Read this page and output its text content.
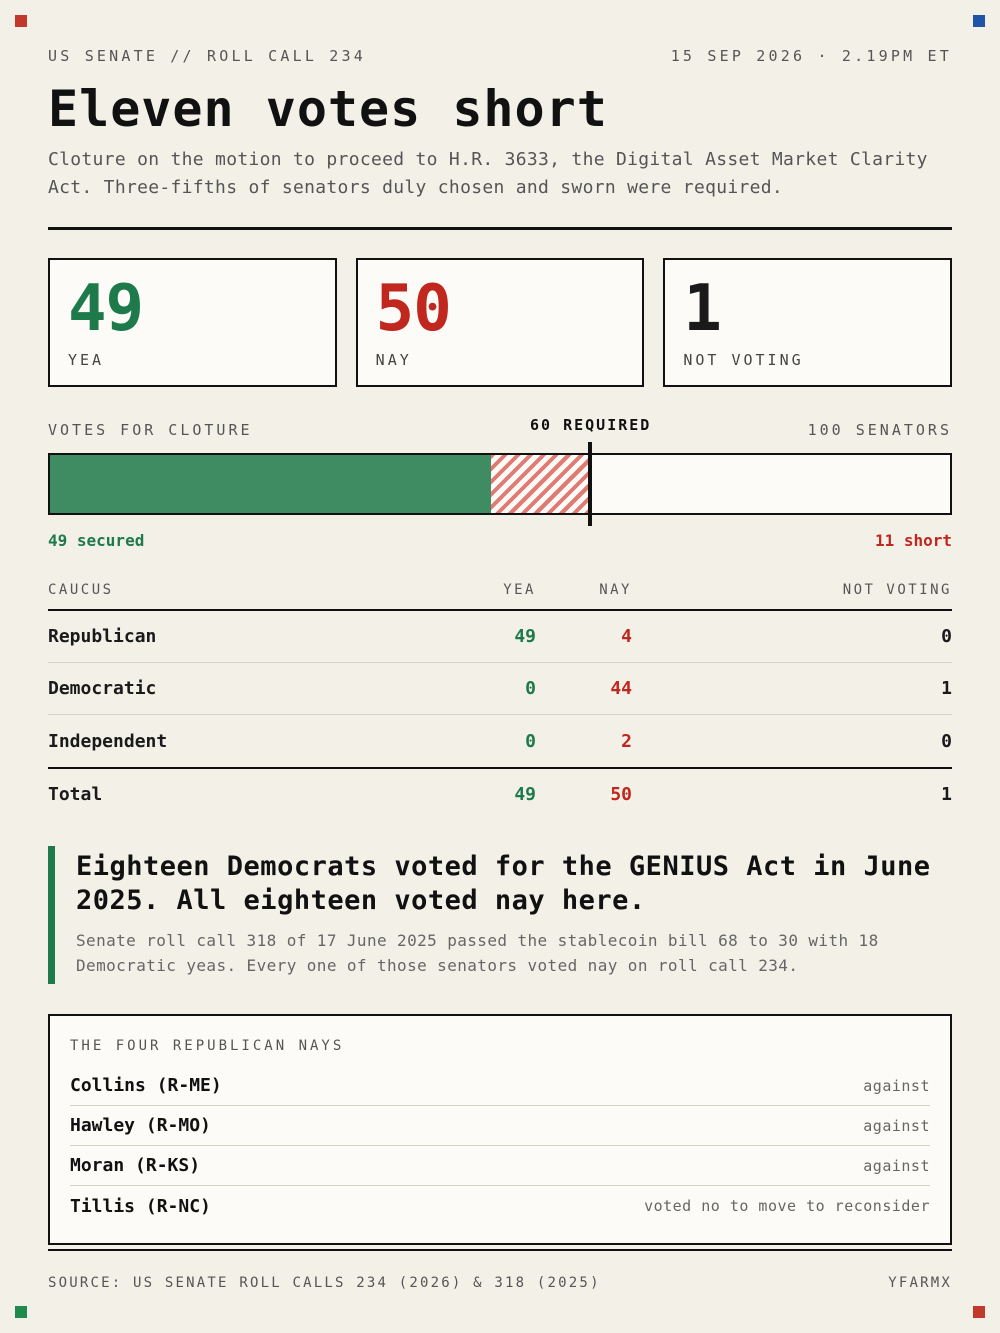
US SENATE // ROLL CALL 234	15 SEP 2026 · 2.19PM ET
Eleven votes short

Cloture on the motion to proceed to H.R. 3633, the Digital Asset Market Clarity Act. Three-fifths of senators duly chosen and sworn were required.

49
YEA
50
NAY
1
NOT VOTING
VOTES FOR CLOTURE	60 REQUIRED	100 SENATORS
49 secured	11 short
CAUCUS	YEA	NAY	NOT VOTING
Republican	49	4	0
Democratic	0	44	1
Independent	0	2	0
Total	49	50	1
Eighteen Democrats voted for the GENIUS Act in June 2025. All eighteen voted nay here.

Senate roll call 318 of 17 June 2025 passed the stablecoin bill 68 to 30 with 18 Democratic yeas. Every one of those senators voted nay on roll call 234.

THE FOUR REPUBLICAN NAYS
Collins (R-ME)	against
Hawley (R-MO)	against
Moran (R-KS)	against
Tillis (R-NC)	voted no to move to reconsider
SOURCE: US SENATE ROLL CALLS 234 (2026) & 318 (2025)	YFARMX
